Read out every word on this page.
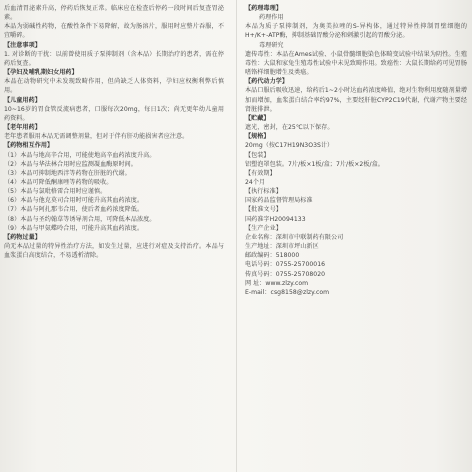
后血清胃泌素升高，停药后恢复正常。临床应在检查后停药一段时间后复查胃泌素。

本品为弱碱性药物，在酸性条件下易降解，故为肠溶片，服用时应整片吞服，不宜嚼碎。

【注意事项】

1. 对诊断的干扰：以前曾使用质子泵抑制剂（含本品）长期治疗的患者，需在停药后复查。

【孕妇及哺乳期妇女用药】

本品在动物研究中未发现致畸作用，但尚缺乏人体资料，孕妇应权衡利弊后慎用。

【儿童用药】

10~16岁的胃食管反流病患者，口服每次20mg，每日1次；尚无更年幼儿童用药资料。

【老年用药】

老年患者服用本品无需调整剂量，但对于伴有肝功能损害者应注意。

【药物相互作用】

（1）本品与地高辛合用，可能使地高辛血药浓度升高。

（2）本品与华法林合用时应监测凝血酶原时间。

（3）本品可抑制地西泮等药物在肝脏的代谢。

（4）本品可降低酮康唑等药物的吸收。

（5）本品与氯吡格雷合用时应谨慎。

（6）本品与他克莫司合用时可能升高其血药浓度。

（7）本品与阿扎那韦合用，使后者血药浓度降低。

（8）本品与圣约翰草等诱导剂合用，可降低本品浓度。

（9）本品与甲氨蝶呤合用，可能升高其血药浓度。

【药物过量】

尚无本品过量的特异性治疗方法，如发生过量，应进行对症及支持治疗。本品与血浆蛋白高度结合，不易透析清除。

【药理毒理】

药理作用

本品为质子泵抑制剂，为奥美拉唑的S-异构体，通过特异性抑制胃壁细胞的H+/K+-ATP酶，抑制基础胃酸分泌和刺激引起的胃酸分泌。

毒理研究

遗传毒性：本品在Ames试验、小鼠骨髓细胞染色体畸变试验中结果为阴性。生殖毒性：大鼠和家兔生殖毒性试验中未见致畸作用。致癌性：大鼠长期给药可见胃肠嗜铬样细胞增生及类癌。

【药代动力学】

本品口服后吸收迅速，给药后1~2小时达血药浓度峰值，绝对生物利用度随剂量增加而增加，血浆蛋白结合率约97%，主要经肝脏CYP2C19代谢，代谢产物主要经肾脏排泄。

【贮藏】

遮光，密封，在25℃以下保存。

【规格】

20mg（按C17H19N3O3S计）

【包装】

铝塑泡罩包装。7片/板×1板/盒；7片/板×2板/盒。

【有效期】

24个月

【执行标准】

国家药品监督管理局标准

【批准文号】

国药准字H20094133

【生产企业】

企业名称：深圳市中联制药有限公司

生产地址：深圳市坪山新区

邮政编码：518000

电话号码：0755-25700016

传真号码：0755-25708020

网 址：www.zlzy.com

E-mail：csg8158@zlzy.com
